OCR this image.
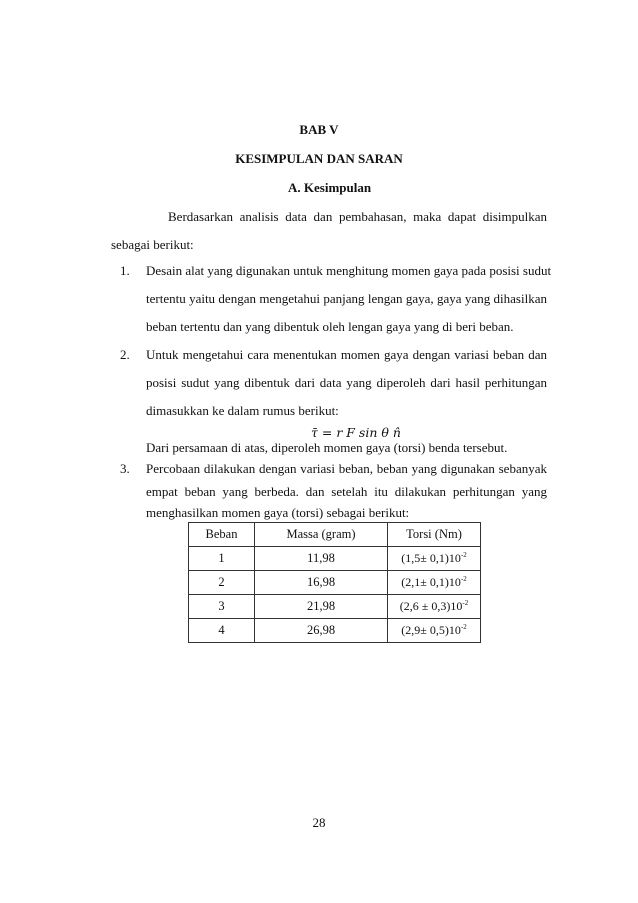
BAB V
KESIMPULAN DAN SARAN
A. Kesimpulan
Berdasarkan analisis data dan pembahasan, maka dapat disimpulkan
sebagai berikut:
1. Desain alat yang digunakan untuk menghitung momen gaya pada posisi sudut
tertentu yaitu dengan mengetahui panjang lengan gaya, gaya yang dihasilkan
beban tertentu dan yang dibentuk oleh lengan gaya yang di beri beban.
2. Untuk mengetahui cara menentukan momen gaya dengan variasi beban dan
posisi sudut yang dibentuk dari data yang diperoleh dari hasil perhitungan
dimasukkan ke dalam rumus berikut:
τ̄ = r F sin θ n̂
Dari persamaan di atas, diperoleh momen gaya (torsi) benda tersebut.
3. Percobaan dilakukan dengan variasi beban, beban yang digunakan sebanyak
empat beban yang berbeda. dan setelah itu dilakukan perhitungan yang
menghasilkan momen gaya (torsi) sebagai berikut:
Beban	Massa (gram)	Torsi (Nm)
1	11,98	$(1,5\pm 0,1)10^{-2}$
2	16,98	$(2,1\pm 0,1)10^{-2}$
3	21,98	$(2,6 \pm 0,3)10^{-2}$
4	26,98	$(2,9\pm 0,5)10^{-2}$
28
